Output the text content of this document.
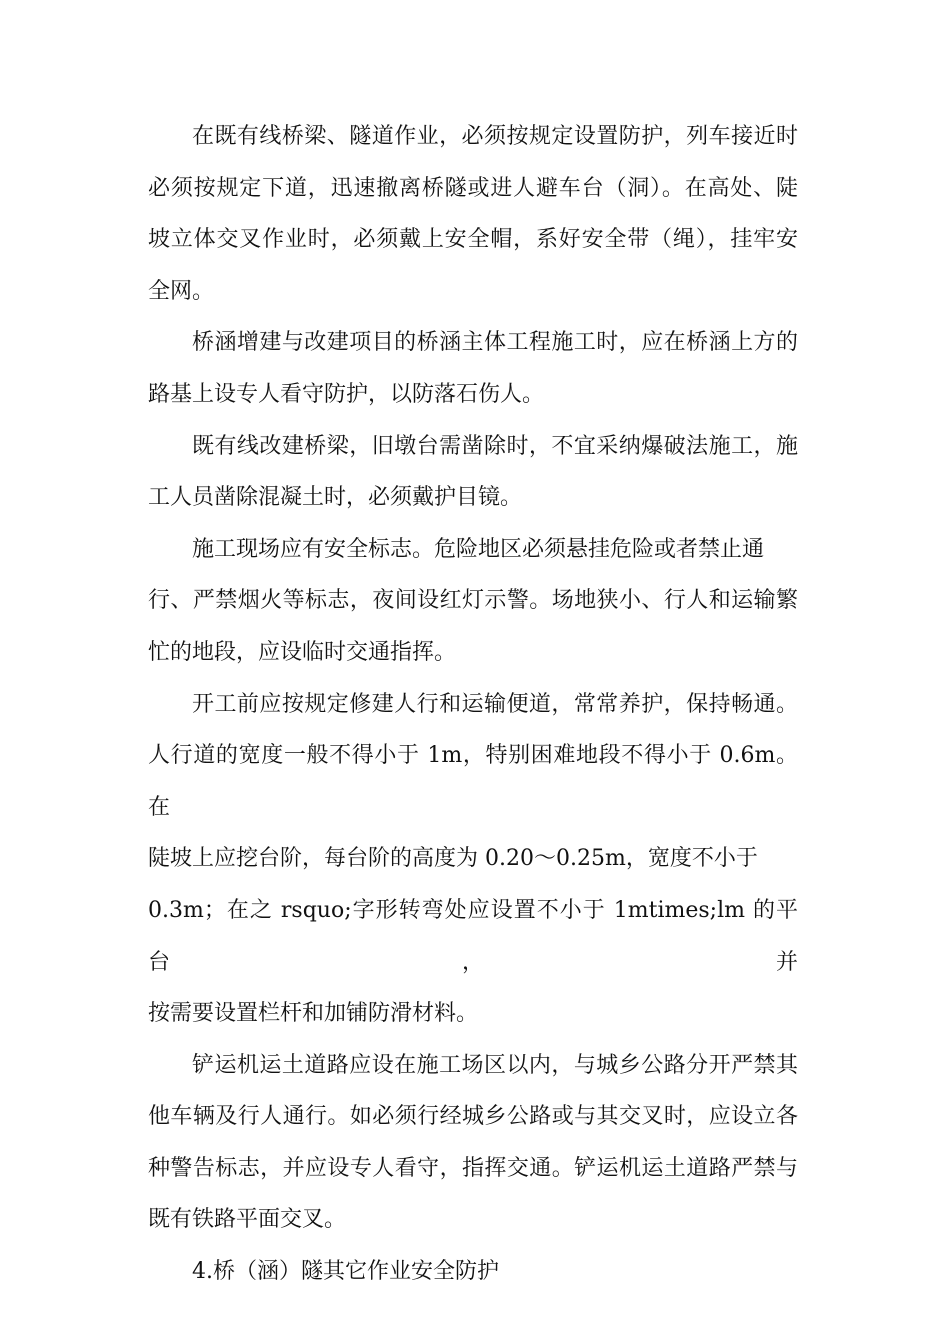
在既有线桥梁、隧道作业，必须按规定设置防护，列车接近时
必须按规定下道，迅速撤离桥隧或进人避车台（洞）。在高处、陡
坡立体交叉作业时，必须戴上安全帽，系好安全带（绳），挂牢安
全网。
桥涵增建与改建项目的桥涵主体工程施工时，应在桥涵上方的
路基上设专人看守防护，以防落石伤人。
既有线改建桥梁，旧墩台需凿除时，不宜采纳爆破法施工，施
工人员凿除混凝土时，必须戴护目镜。
施工现场应有安全标志。危险地区必须悬挂危险或者禁止通
行、严禁烟火等标志，夜间设红灯示警。场地狭小、行人和运输繁
忙的地段，应设临时交通指挥。
开工前应按规定修建人行和运输便道，常常养护，保持畅通。
人行道的宽度一般不得小于 1m，特别困难地段不得小于 0.6m。在
陡坡上应挖台阶，每台阶的高度为 0.20～0.25m，宽度不小于
0.3m；在之 rsquo;字形转弯处应设置不小于 1mtimes;lm 的平台，并
按需要设置栏杆和加铺防滑材料。
铲运机运土道路应设在施工场区以内，与城乡公路分开严禁其
他车辆及行人通行。如必须行经城乡公路或与其交叉时，应设立各
种警告标志，并应设专人看守，指挥交通。铲运机运土道路严禁与
既有铁路平面交叉。
4.桥（涵）隧其它作业安全防护
